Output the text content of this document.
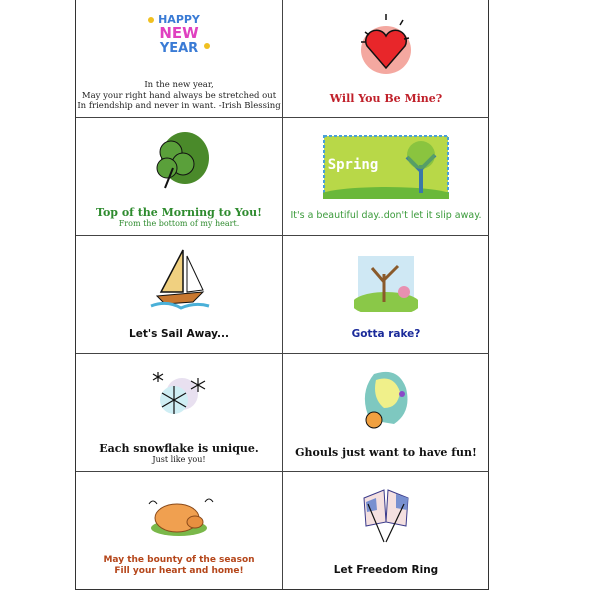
HAPPY
NEW
YEAR
In the new year,
May your right hand always be stretched out
In friendship and never in want. -Irish Blessing
Will You Be Mine?
Top of the Morning to You!
From the bottom of my heart.
Spring
It's a beautiful day..don't let it slip away.
Let's Sail Away...	Gotta rake?
Each snowflake is unique.
Just like you!
Ghouls just want to have fun!
May the bounty of the season
Fill your heart and home!	Let Freedom Ring
